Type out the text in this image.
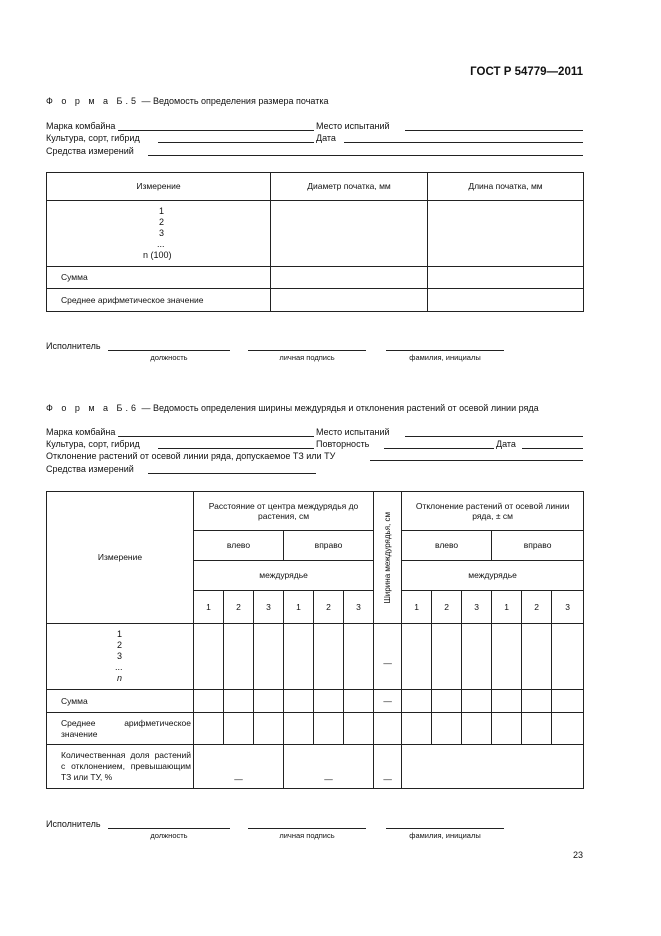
ГОСТ Р 54779—2011
Ф о р м а Б.5 — Ведомость определения размера початка
Марка комбайна	Место испытаний
Культура, сорт, гибрид	Дата
Средства измерений
Измерение	Диаметр початка, мм	Длина початка, мм

1
2
3
...
n (100)		

Сумма		
Среднее арифметическое значение		
Исполнитель
должность	личная подпись	фамилия, инициалы
Ф о р м а Б.6 — Ведомость определения ширины междурядья и отклонения растений от осевой линии ряда
Марка комбайна	Место испытаний
Культура, сорт, гибрид	Повторность	Дата
Отклонение растений от осевой линии ряда, допускаемое ТЗ или ТУ
Средства измерений
Измерение	Расстояние от центра междурядья до растения, см						Ширина междурядья, см	Отклонение растений от осевой линии ряда, ± см					
	влево			вправо				влево			вправо		
	междурядье							междурядье					
	1	2	3	1	2	3		1	2	3	1	2	3

1
2
3
...
n							—						
Сумма							—						
Среднее арифметическое значение													
Количественная доля растений с отклонением, превышающим ТЗ или ТУ, %	—			—			—						
Исполнитель
должность	личная подпись	фамилия, инициалы
23
